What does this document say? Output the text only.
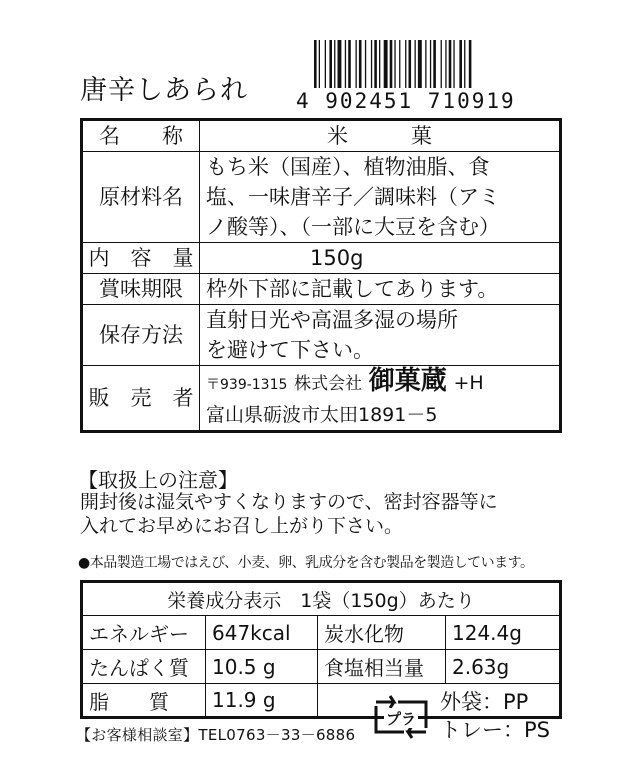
唐辛しあられ 4 902451 710919
名　　称	米　　　菓
原材料名	もち米（国産）、植物油脂、食
塩、一味唐辛子／調味料（アミ
ノ酸等）、（一部に大豆を含む）

内　容　量	150g
賞味期限	枠外下部に記載してあります。
保存方法	直射日光や高温多湿の場所
を避けて下さい。

販　売　者	〒939-1315 株式会社 御菓蔵 +H
富山県砺波市太田1891－5
【取扱上の注意】
開封後は湿気やすくなりますので、密封容器等に
入れてお早めにお召し上がり下さい。
●本品製造工場ではえび、小麦、卵、乳成分を含む製品を製造しています。
栄養成分表示　1袋（150g）あたり			
エネルギー	647kcal	炭水化物	124.4g
たんぱく質	10.5 g	食塩相当量	2.63g
脂　　質	11.9 g		
プラ
外袋：PP
トレー：PS
【お客様相談室】TEL0763－33－6886
